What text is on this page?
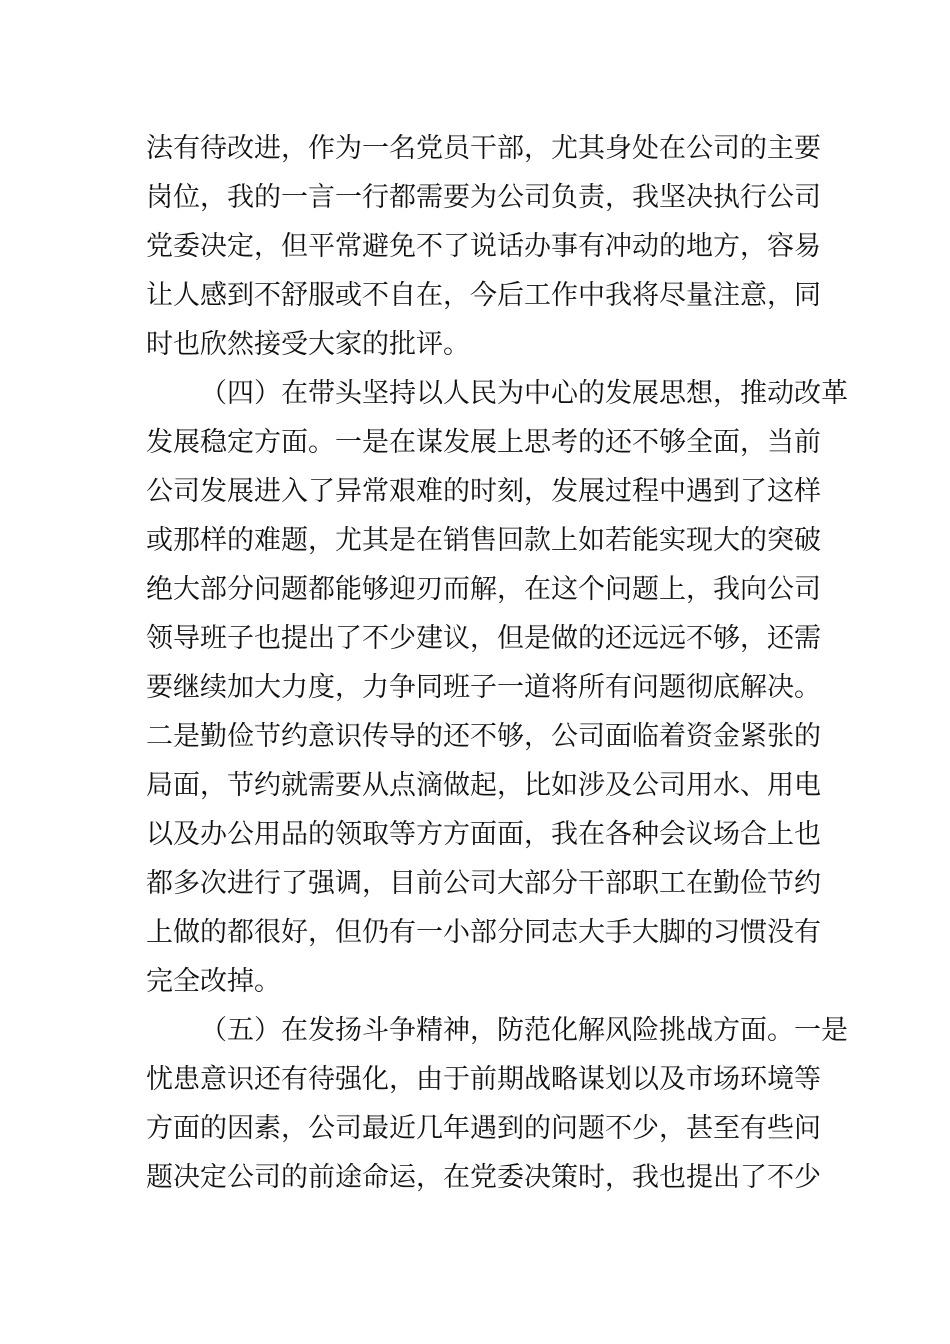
法有待改进，作为一名党员干部，尤其身处在公司的主要
岗位，我的一言一行都需要为公司负责，我坚决执行公司
党委决定，但平常避免不了说话办事有冲动的地方，容易
让人感到不舒服或不自在，今后工作中我将尽量注意，同
时也欣然接受大家的批评。
（四）在带头坚持以人民为中心的发展思想，推动改革
发展稳定方面。一是在谋发展上思考的还不够全面，当前
公司发展进入了异常艰难的时刻，发展过程中遇到了这样
或那样的难题，尤其是在销售回款上如若能实现大的突破
绝大部分问题都能够迎刃而解，在这个问题上，我向公司
领导班子也提出了不少建议，但是做的还远远不够，还需
要继续加大力度，力争同班子一道将所有问题彻底解决。
二是勤俭节约意识传导的还不够，公司面临着资金紧张的
局面，节约就需要从点滴做起，比如涉及公司用水、用电
以及办公用品的领取等方方面面，我在各种会议场合上也
都多次进行了强调，目前公司大部分干部职工在勤俭节约
上做的都很好，但仍有一小部分同志大手大脚的习惯没有
完全改掉。
（五）在发扬斗争精神，防范化解风险挑战方面。一是
忧患意识还有待强化，由于前期战略谋划以及市场环境等
方面的因素，公司最近几年遇到的问题不少，甚至有些问
题决定公司的前途命运，在党委决策时，我也提出了不少
